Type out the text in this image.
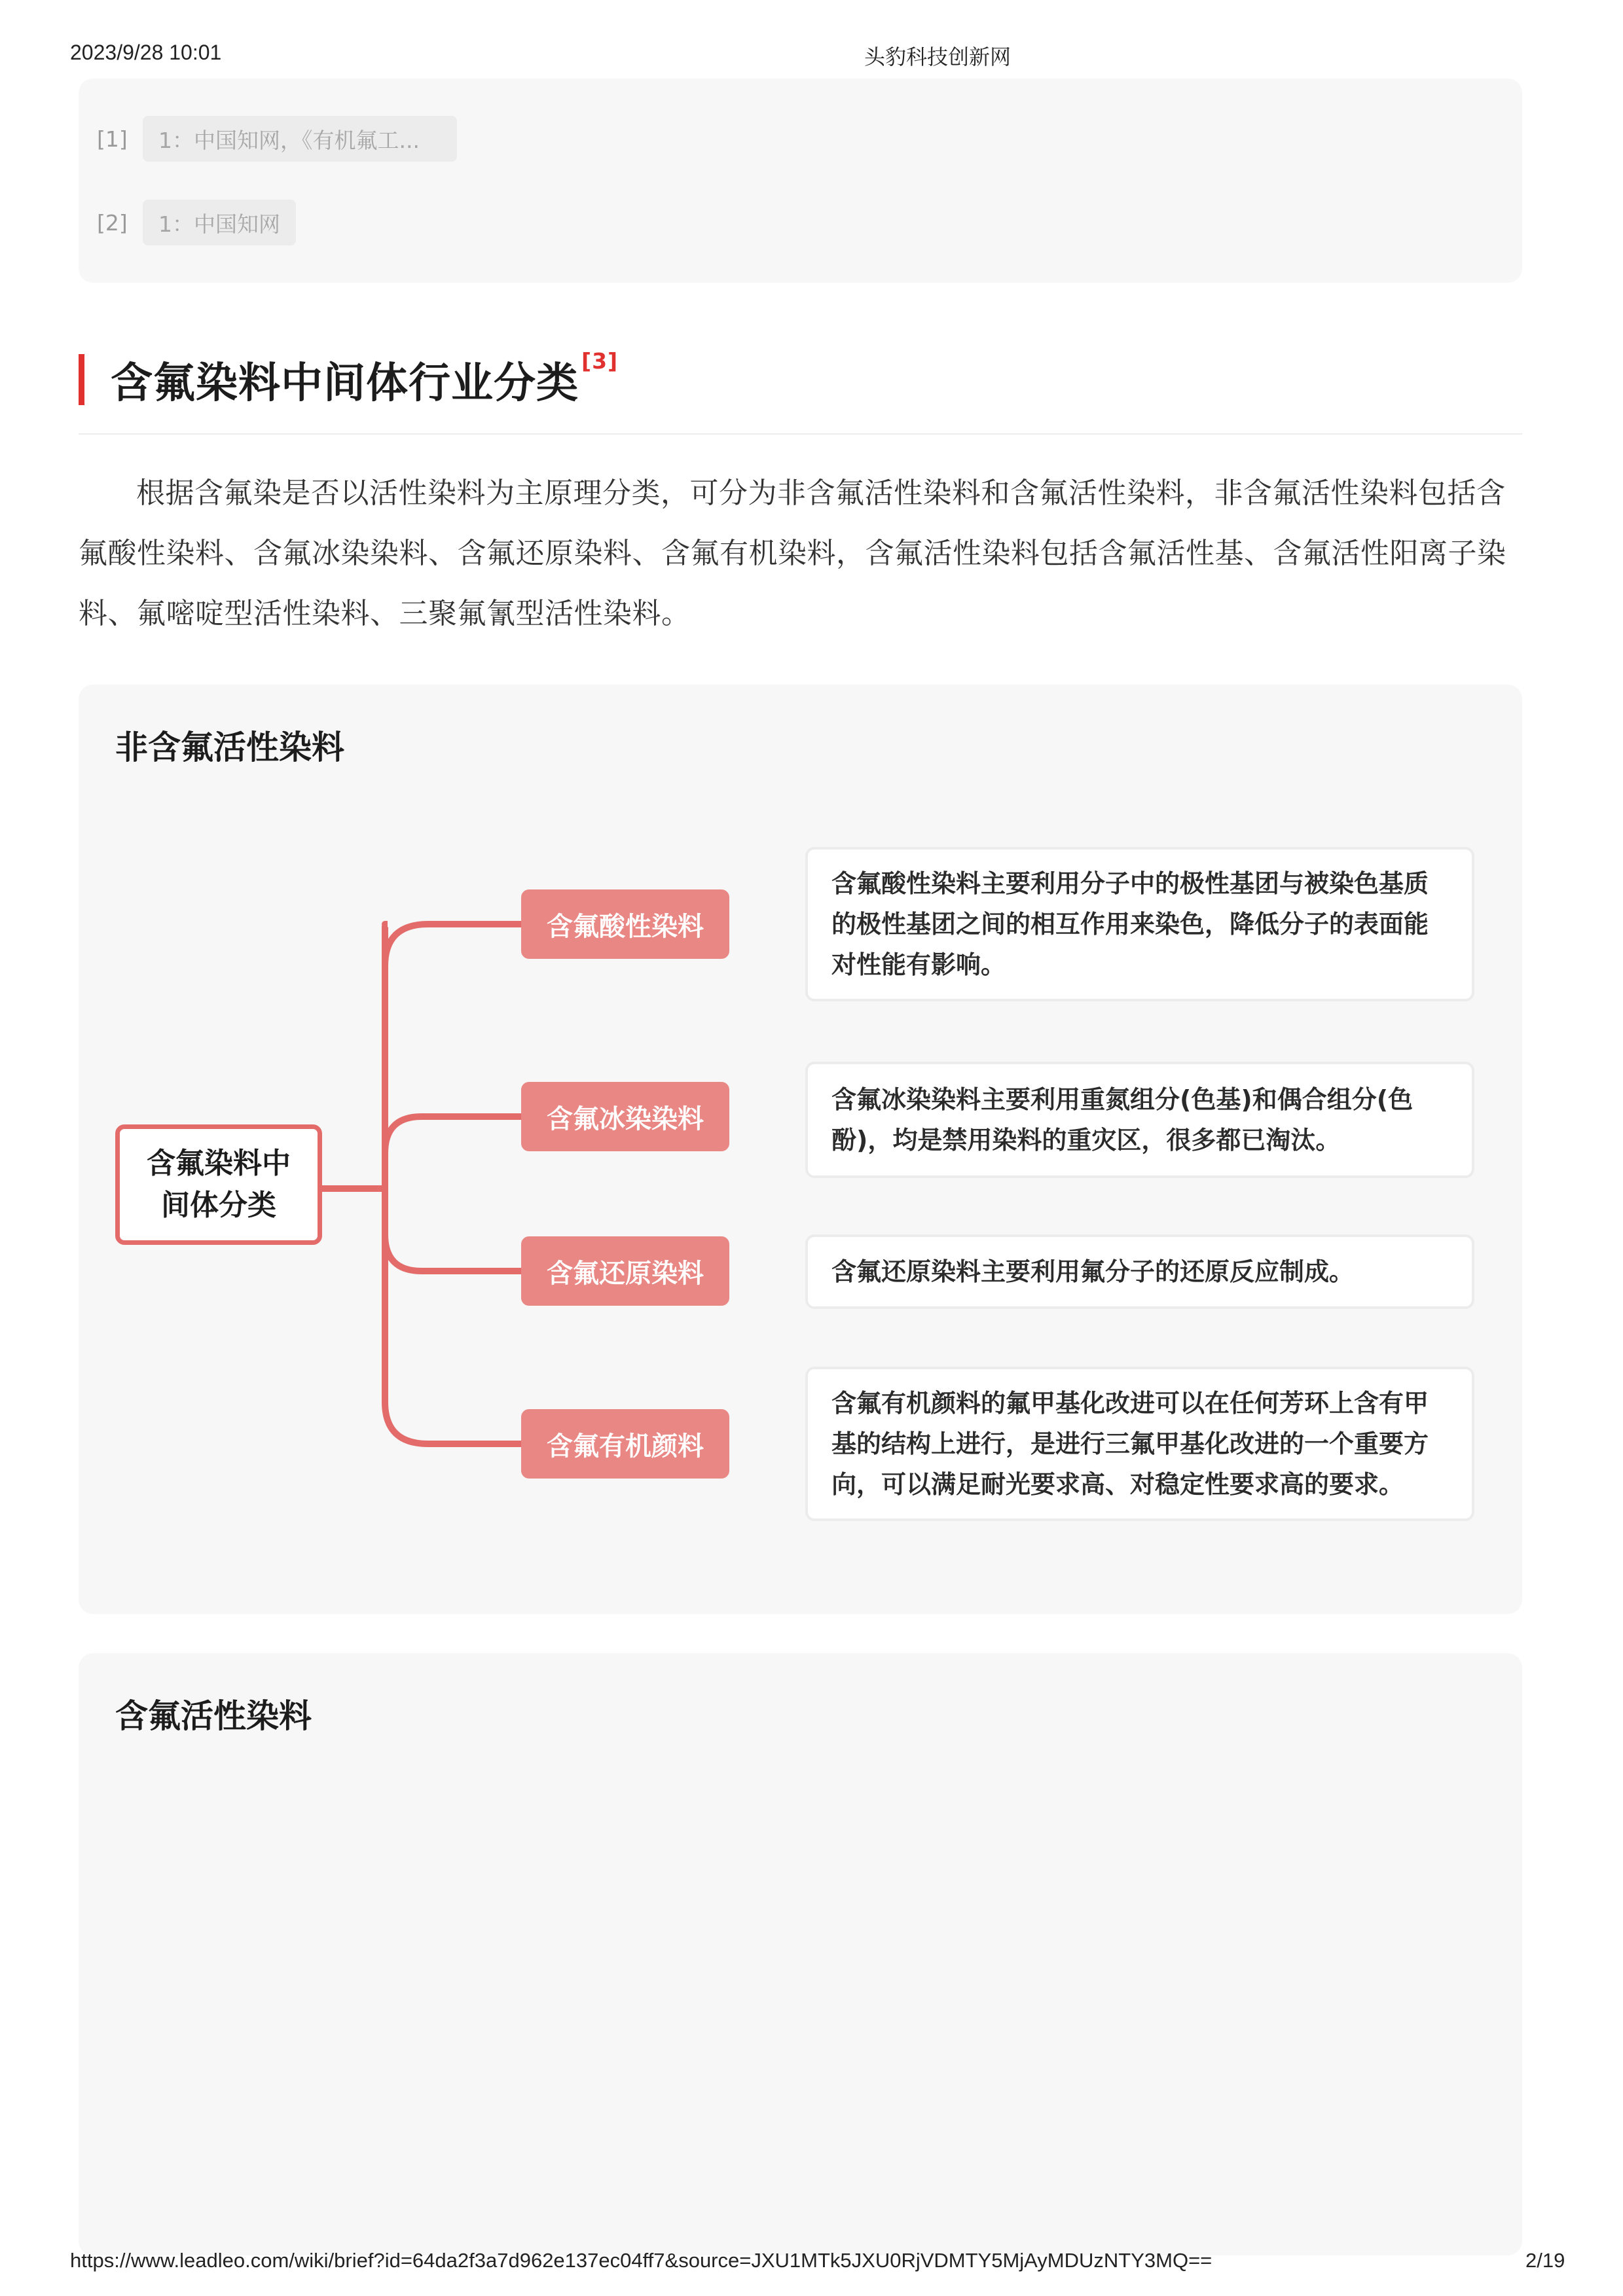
2023/9/28 10:01	头豹科技创新网
[1]	1：中国知网，《有机氟工...
[2]	1：中国知网
含氟染料中间体行业分类 [3]

根据含氟染是否以活性染料为主原理分类，可分为非含氟活性染料和含氟活性染料，非含氟活性染料包括含氟酸性染料、含氟冰染染料、含氟还原染料、含氟有机染料，含氟活性染料包括含氟活性基、含氟活性阳离子染料、氟嘧啶型活性染料、三聚氟氰型活性染料。

非含氟活性染料
含氟染料中间体分类
含氟酸性染料
含氟冰染染料
含氟还原染料
含氟有机颜料
含氟酸性染料主要利用分子中的极性基团与被染色基质的极性基团之间的相互作用来染色，降低分子的表面能对性能有影响。
含氟冰染染料主要利用重氮组分(色基)和偶合组分(色酚)，均是禁用染料的重灾区，很多都已淘汰。
含氟还原染料主要利用氟分子的还原反应制成。
含氟有机颜料的氟甲基化改进可以在任何芳环上含有甲基的结构上进行，是进行三氟甲基化改进的一个重要方向，可以满足耐光要求高、对稳定性要求高的要求。
含氟活性染料
https://www.leadleo.com/wiki/brief?id=64da2f3a7d962e137ec04ff7&source=JXU1MTk5JXU0RjVDMTY5MjAyMDUzNTY3MQ==	2/19
